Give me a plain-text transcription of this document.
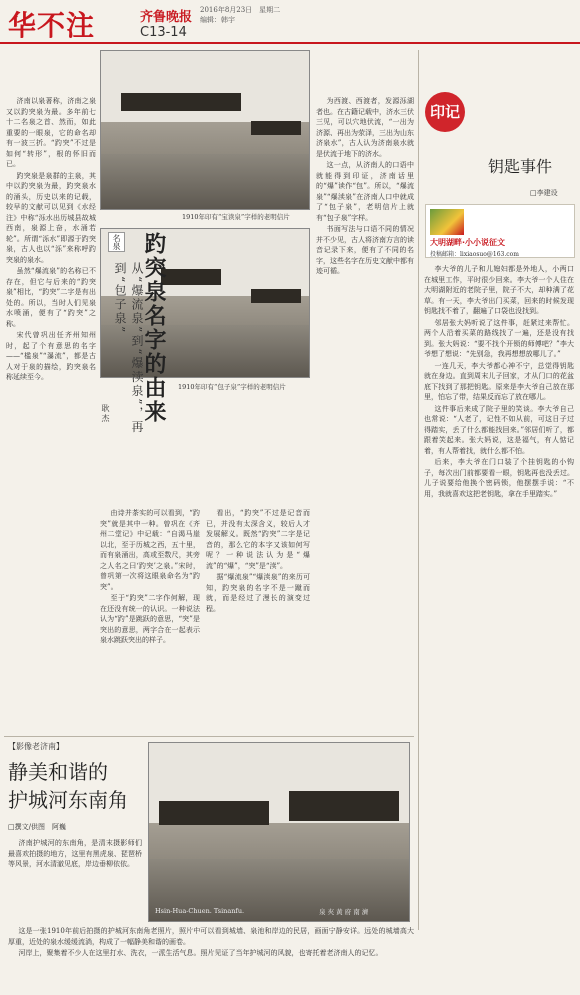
华不注	齐鲁晚报 2016年8月23日　星期二
编辑：韩宇
C13-14

济南以泉著称，济南之泉又以趵突泉为最。多年前七十二名泉之首、然而，如此重要的一眼泉，它的命名却有一波三折。“趵突”不过是如何“转形”，根的怀旧而已。

趵突泉是泉群的主泉，其中以趵突泉为最，趵突泉水的涌头，历史以来的记载，较早的文献可以见到《水经注》中称“泺水出历城县故城西南，泉源上奋，水涌若轮”。所谓“泺水”即源于趵突泉，古人也以“泺”来称呼趵突泉的泉水。

虽然“爆流泉”的名称已不存在，但它与后来的“趵突泉”相比，“趵突”二字是有出处的。所以，当时人们见泉水喷涌，便有了“趵突”之称。

宋代曾巩出任齐州知州时，起了个有意思的名字——“槛泉”“瀑流”，都是古人对于泉的描绘，趵突泉名称延续至今。

1910年印有“宝读泉”字样的老明信片
1910年印有“包子泉”字样的老明信片
名泉
从“爆流泉”到“爆渎泉”，再到“包子泉” 趵突泉名字的由来
耿杰

由诗并茶实的可以看到，“趵突”就是其中一种。曾巩在《齐州二堂记》中记载：“自渴马崖以北，至于历城之西，五十里，而有泉涌出，高或至数尺，其旁之人名之曰‘趵突’之泉。”宋时，曾巩第一次将这眼泉命名为“趵突”。

至于“趵突”二字作何解，现在还没有统一的认识。一种说法认为“趵”是跳跃的意思，“突”是突出的意思，两字合在一起表示泉水跳跃突出的样子。

看出，“趵突”不过是记音而已，并没有太深含义，较后人才发展解义。既然“趵突”二字是记音的，那么它的本字又该如何写呢？一种说法认为是“爆流”的“爆”，“突”是“渎”。

据“爆流泉”“爆渎泉”的来历可知，趵突泉的名字不是一蹴而就，而是经过了漫长的演变过程。

为西渡、西渡者，发源泺湖者也。在古籍记载中，济水三伏三见，可以穴地伏流，“一出为济源、再出为荥泽，三出为山东济泉水”，古人认为济南泉水就是伏流于地下的济水。

这一点，从济南人的口语中就能得到印证，济南话里的“爆”读作“包”。所以，“爆流泉”“爆渎泉”在济南人口中就成了“包子泉”，老明信片上就有“包子泉”字样。

书面写法与口语不同的情况并不少见，古人将济南方言的读音记录下来，便有了不同的名字，这些名字在历史文献中都有迹可循。

印记
钥匙事件
□李建设
大明湖畔·小小说征文
投稿邮箱：lixiaosuo@163.com

李大爷的儿子和儿媳妇都是外地人，小两口在城里工作，平时很少回来。李大爷一个人住在大明湖附近的老院子里，院子不大，却种满了花草。有一天，李大爷出门买菜，回来的时候发现钥匙找不着了，翻遍了口袋也没找到。

邻居张大妈听说了这件事，赶紧过来帮忙。两个人沿着买菜的路线找了一遍，还是没有找到。张大妈说：“要不找个开锁的师傅吧？”李大爷想了想说：“先别急，我再想想放哪儿了。”

一连几天，李大爷都心神不宁，总觉得钥匙就在身边。直到周末儿子回家，才从门口的花盆底下找到了那把钥匙。原来是李大爷自己放在那里，怕忘了带，结果反而忘了放在哪儿。

这件事后来成了院子里的笑谈。李大爷自己也常说：“人老了，记性不如从前，可这日子过得踏实，丢了什么都能找回来。”邻居们听了，都跟着笑起来。张大妈说，这是福气，有人惦记着，有人帮着找，就什么都不怕。

后来，李大爷在门口装了个挂钥匙的小钩子，每次出门前都要看一眼，钥匙再也没丢过。儿子说要给他换个密码锁，他摆摆手说：“不用，我就喜欢这把老钥匙，拿在手里踏实。”

【影像老济南】
静美和谐的
护城河东南角
□撰文/供图　阿巍
Hsin-Hua-Chuen. Tsinanfu.	泉 夾 黃 府 南 濟

济南护城河的东南角，是清末摄影师们最喜欢拍摄的地方，这里有黑虎泉、琵琶桥等风景，河水清澈见底，岸边垂柳依依。

这是一张1910年前后拍摄的护城河东南角老照片，照片中可以看到城墙、泉池和岸边的民居，画面宁静安详。远处的城墙高大厚重，近处的泉水缓缓流淌，构成了一幅静美和谐的画卷。

河岸上，聚集着不少人在这里打水、洗衣，一派生活气息。照片见证了当年护城河的风貌，也寄托着老济南人的记忆。
